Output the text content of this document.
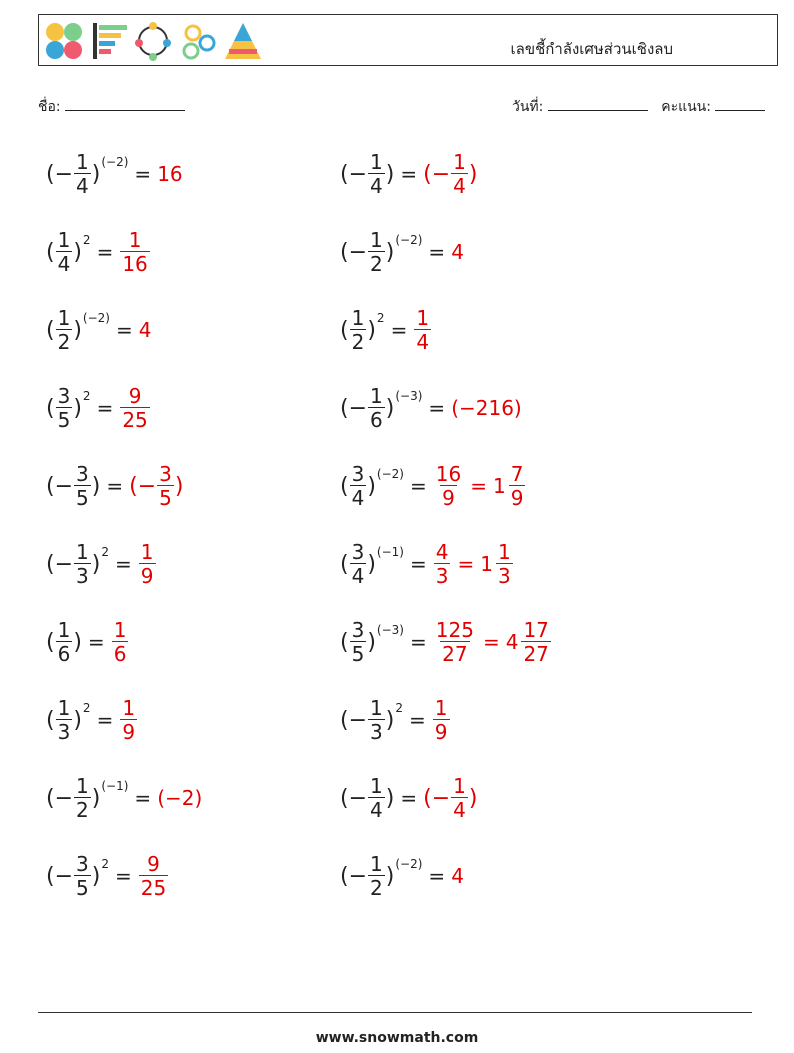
เลขชี้กำลังเศษส่วนเชิงลบ
ชื่อ:	วันที่:	คะแนน:
(− $\frac{1}{4}$ ) (−2) = 16	(− $\frac{1}{4}$ ) = (− $\frac{1}{4}$ )
( $\frac{1}{4}$ ) $2 = \frac{1}{16}$	(− $\frac{1}{2}$ ) (−2) = 4
( $\frac{1}{2}$ ) (−2) = 4	( $\frac{1}{2}$ ) $2 = \frac{1}{4}$
( $\frac{3}{5}$ ) $2 = \frac{9}{25}$	(− $\frac{1}{6}$ ) (−3) = (−216)
(− $\frac{3}{5}$ ) = (− $\frac{3}{5}$ )	( $\frac{3}{4}$ ) $(-2) = \frac{16}{9} = 1 \frac{7}{9}$
(− $\frac{1}{3}$ ) $2 = \frac{1}{9}$	( $\frac{3}{4}$ ) $(-1) = \frac{4}{3} = 1 \frac{1}{3}$
( $\frac{1}{6}$ ) = $\frac{1}{6}$	( $\frac{3}{5}$ ) $(-3) = \frac{125}{27} = 4 \frac{17}{27}$
( $\frac{1}{3}$ ) $2 = \frac{1}{9}$	(− $\frac{1}{3}$ ) $2 = \frac{1}{9}$
(− $\frac{1}{2}$ ) (−1) = (−2)	(− $\frac{1}{4}$ ) = (− $\frac{1}{4}$ )
(− $\frac{3}{5}$ ) $2 = \frac{9}{25}$	(− $\frac{1}{2}$ ) (−2) = 4
www.snowmath.com
